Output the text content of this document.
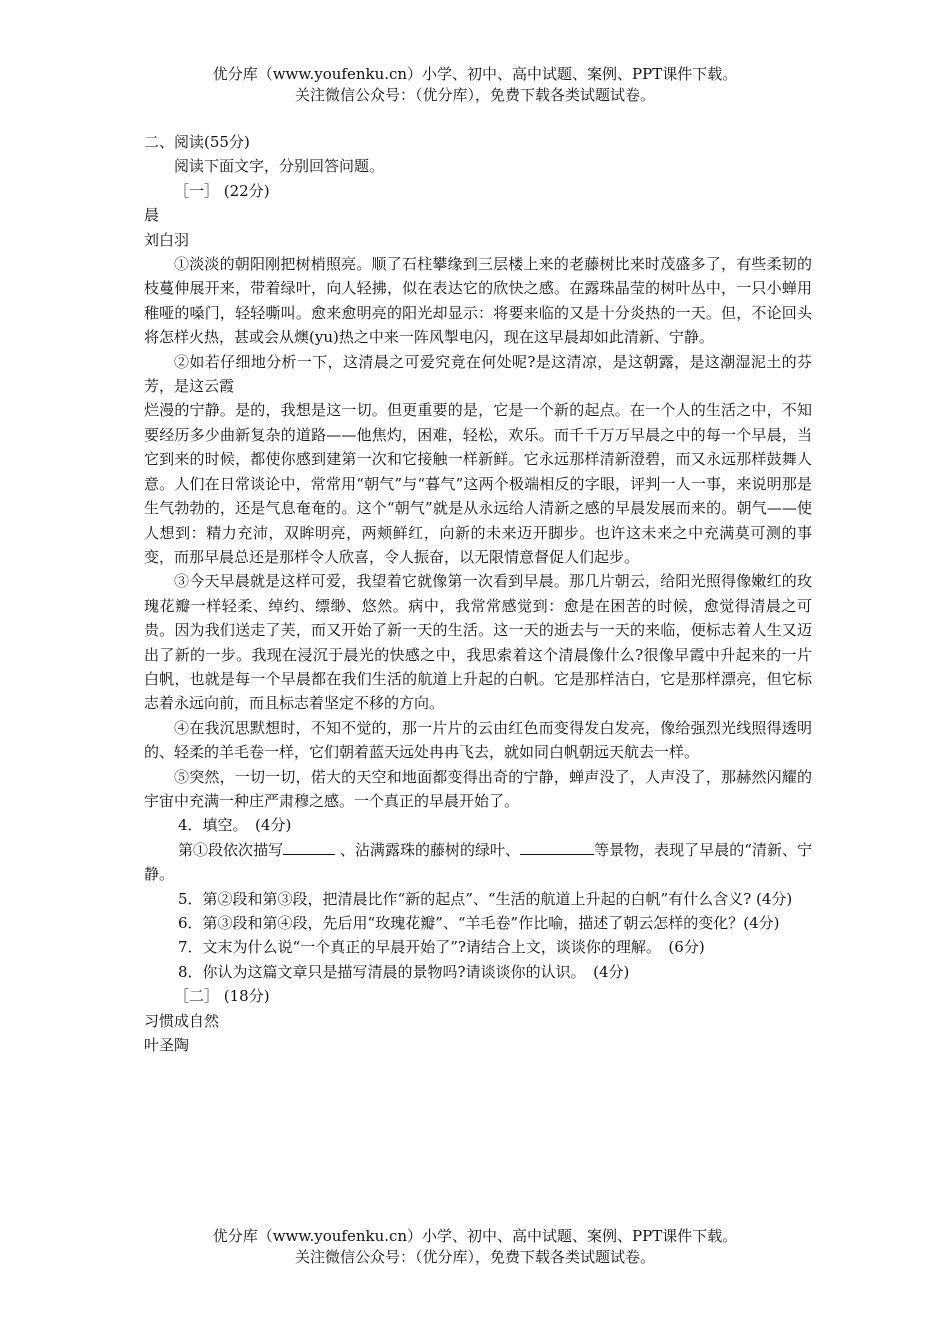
优分库（www.youfenku.cn）小学、初中、高中试题、案例、PPT课件下载。
关注微信公众号：（优分库），免费下载各类试题试卷。

二、阅读(55分)

阅读下面文字，分别回答问题。

［一］ (22分)

晨

刘白羽

①淡淡的朝阳刚把树梢照亮。顺了石柱攀缘到三层楼上来的老藤树比来时茂盛多了，有些柔韧的枝蔓伸展开来，带着绿叶，向人轻拂，似在表达它的欣快之感。在露珠晶莹的树叶丛中，一只小蝉用稚哑的嗓门，轻轻嘶叫。愈来愈明亮的阳光却显示：将要来临的又是十分炎热的一天。但，不论回头将怎样火热，甚或会从燠(yu)热之中来一阵风掣电闪，现在这早晨却如此清新、宁静。

②如若仔细地分析一下，这清晨之可爱究竟在何处呢?是这清凉，是这朝露，是这潮湿泥土的芬芳，是这云霞

烂漫的宁静。是的，我想是这一切。但更重要的是，它是一个新的起点。在一个人的生活之中，不知要经历多少曲新复杂的道路——他焦灼，困难，轻松，欢乐。而千千万万早晨之中的每一个早晨，当它到来的时候，都使你感到建第一次和它接触一样新鲜。它永远那样清新澄碧，而又永远那样鼓舞人意。人们在日常谈论中，常常用“朝气”与“暮气”这两个极端相反的字眼，评判一人一事，来说明那是生气勃勃的，还是气息奄奄的。这个“朝气”就是从永远给人清新之感的早晨发展而来的。朝气——使人想到：精力充沛，双眸明亮，两颊鲜红，向新的未来迈开脚步。也许这未来之中充满莫可测的事变，而那早晨总还是那样令人欣喜，令人振奋，以无限情意督促人们起步。

③今天早晨就是这样可爱，我望着它就像第一次看到早晨。那几片朝云，给阳光照得像嫩红的玫瑰花瓣一样轻柔、绰约、缥缈、悠然。病中，我常常感觉到：愈是在困苦的时候，愈觉得清晨之可贵。因为我们送走了芙，而又开始了新一天的生活。这一天的逝去与一天的来临，便标志着人生又迈出了新的一步。我现在浸沉于晨光的快感之中，我思索着这个清晨像什么?很像早霞中升起来的一片白帆，也就是每一个早晨都在我们生活的航道上升起的白帆。它是那样洁白，它是那样漂亮，但它标志着永远向前，而且标志着坚定不移的方向。

④在我沉思默想时，不知不觉的，那一片片的云由红色而变得发白发亮，像给强烈光线照得透明的、轻柔的羊毛卷一样，它们朝着蓝天远处冉冉飞去，就如同白帆朝远天航去一样。

⑤突然，一切一切，偌大的天空和地面都变得出奇的宁静，蝉声没了，人声没了，那赫然闪耀的宇宙中充满一种庄严肃穆之感。一个真正的早晨开始了。

4．填空。　(4分)

第①段依次描写	、沾满露珠的藤树的绿叶、	等景物，表现了早晨的“清新、宁静。

5．第②段和第③段，把清晨比作“新的起点”、“生活的航道上升起的白帆”有什么含义? (4分)

6．第③段和第④段，先后用“玫瑰花瓣”、“羊毛卷”作比喻，描述了朝云怎样的变化？(4分)

7．文末为什么说“一个真正的早晨开始了”?请结合上文，谈谈你的理解。　(6分)

8．你认为这篇文章只是描写清晨的景物吗?请谈谈你的认识。　(4分)

［二］ (18分)

习惯成自然

叶圣陶

优分库（www.youfenku.cn）小学、初中、高中试题、案例、PPT课件下载。
关注微信公众号：（优分库），免费下载各类试题试卷。
